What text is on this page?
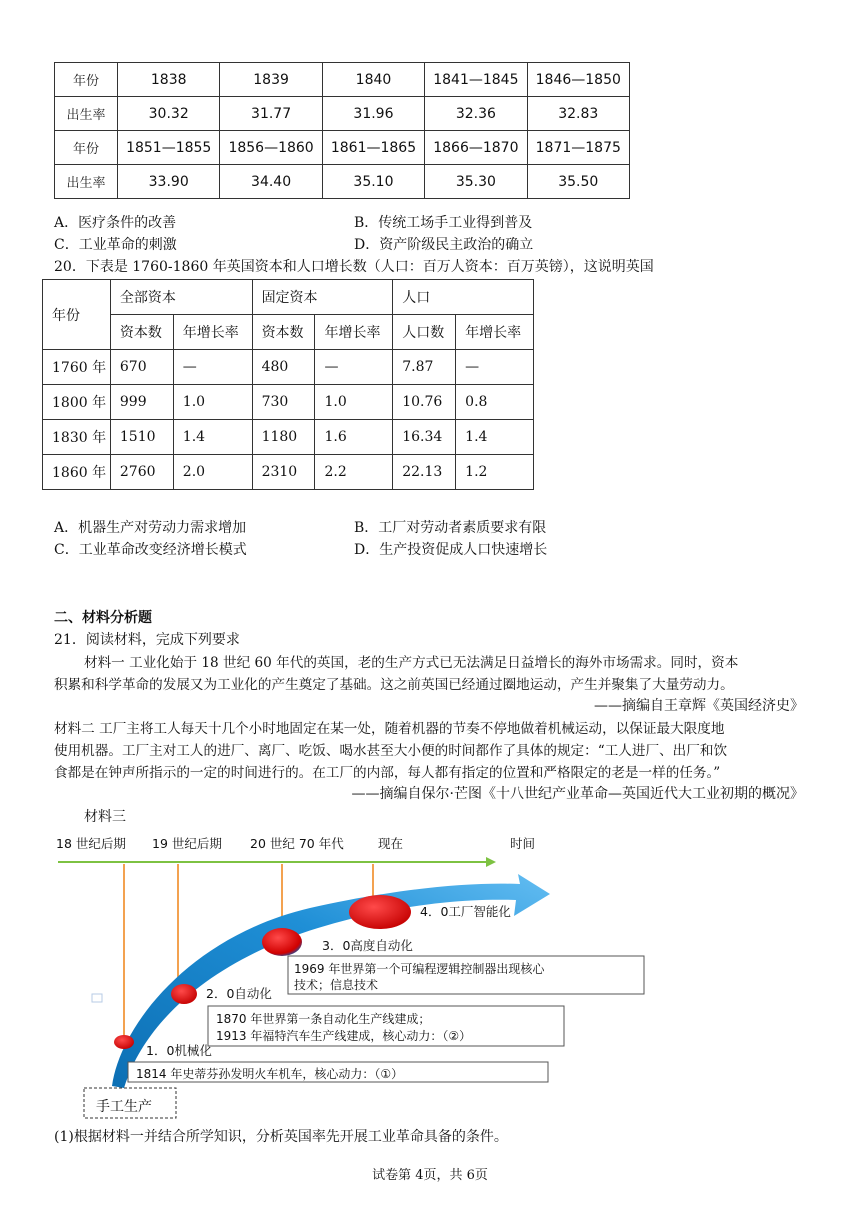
年份	1838	1839	1840	1841—1845	1846—1850
出生率	30.32	31.77	31.96	32.36	32.83
年份	1851—1855	1856—1860	1861—1865	1866—1870	1871—1875
出生率	33.90	34.40	35.10	35.30	35.50
A．医疗条件的改善	B．传统工场手工业得到普及
C．工业革命的刺激	D．资产阶级民主政治的确立
20．下表是 1760-1860 年英国资本和人口增长数（人口：百万人资本：百万英镑），这说明英国
年份	全部资本		固定资本		人口	
	资本数	年增长率	资本数	年增长率	人口数	年增长率
1760 年	670	—	480	—	7.87	—
1800 年	999	1.0	730	1.0	10.76	0.8
1830 年	1510	1.4	1180	1.6	16.34	1.4
1860 年	2760	2.0	2310	2.2	22.13	1.2
A．机器生产对劳动力需求增加	B．工厂对劳动者素质要求有限
C．工业革命改变经济增长模式	D．生产投资促成人口快速增长
二、材料分析题
21．阅读材料，完成下列要求
材料一 工业化始于 18 世纪 60 年代的英国，老的生产方式已无法满足日益增长的海外市场需求。同时，资本
积累和科学革命的发展又为工业化的产生奠定了基础。这之前英国已经通过圈地运动，产生并聚集了大量劳动力。
——摘编自王章辉《英国经济史》
材料二 工厂主将工人每天十几个小时地固定在某一处，随着机器的节奏不停地做着机械运动，以保证最大限度地
使用机器。工厂主对工人的进厂、离厂、吃饭、喝水甚至大小便的时间都作了具体的规定：“工人进厂、出厂和饮
食都是在钟声所指示的一定的时间进行的。在工厂的内部，每人都有指定的位置和严格限定的老是一样的任务。”
——摘编自保尔·芒图《十八世纪产业革命—英国近代大工业初期的概况》
材料三
18 世纪后期 19 世纪后期 20 世纪 70 年代	现在	时间
4．0工厂智能化
3．0高度自动化
2．0自动化
1．0机械化
1969 年世界第一个可编程逻辑控制器出现核心
技术；信息技术
1870 年世界第一条自动化生产线建成；
1913 年福特汽车生产线建成，核心动力：（②）
1814 年史蒂芬孙发明火车机车，核心动力：（①）
手工生产
(1)根据材料一并结合所学知识，分析英国率先开展工业革命具备的条件。
试卷第 4页，共 6页
